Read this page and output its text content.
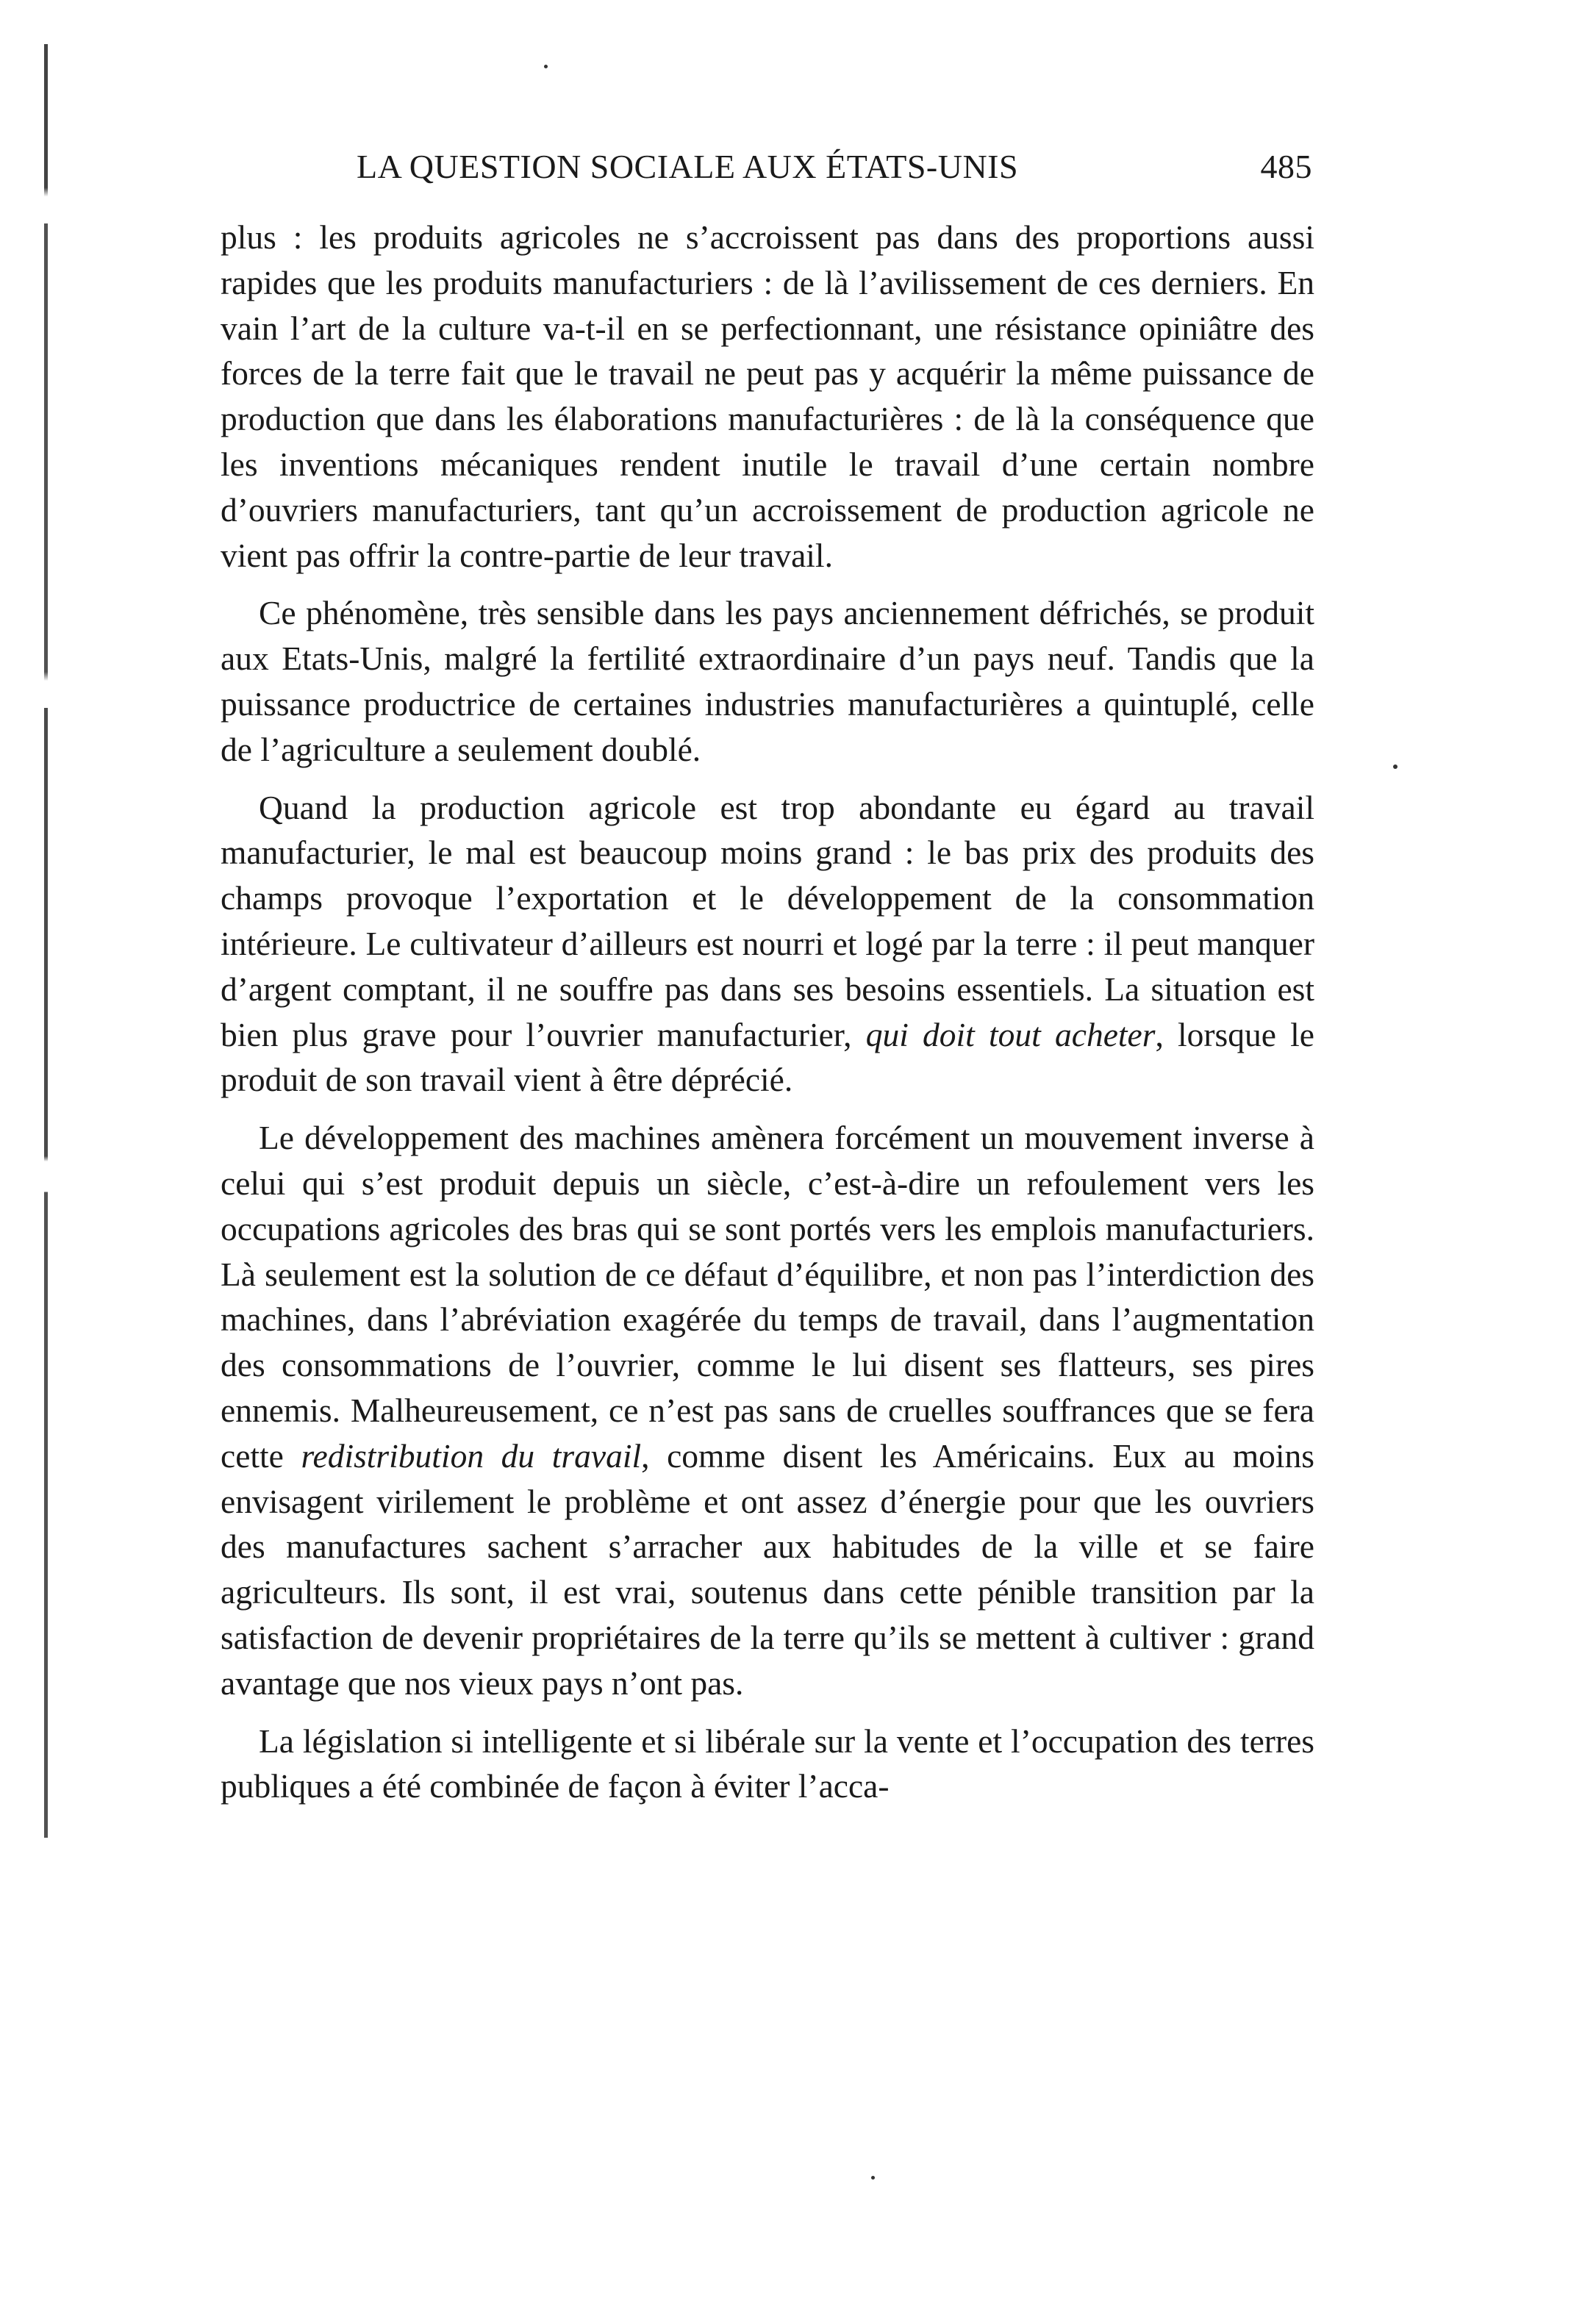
LA QUESTION SOCIALE AUX ÉTATS-UNIS	485

plus : les produits agricoles ne s’accroissent pas dans des proportions aussi rapides que les produits manufacturiers : de là l’avilissement de ces derniers. En vain l’art de la culture va-t-il en se perfectionnant, une résistance opiniâtre des forces de la terre fait que le travail ne peut pas y acquérir la même puissance de production que dans les élaborations manufacturières : de là la conséquence que les inventions mécaniques rendent inutile le travail d’une certain nombre d’ouvriers manufacturiers, tant qu’un accroissement de production agricole ne vient pas offrir la contre-partie de leur travail.

Ce phénomène, très sensible dans les pays anciennement défrichés, se produit aux Etats-Unis, malgré la fertilité extraordinaire d’un pays neuf. Tandis que la puissance productrice de certaines industries manufacturières a quintuplé, celle de l’agriculture a seulement doublé.

Quand la production agricole est trop abondante eu égard au travail manufacturier, le mal est beaucoup moins grand : le bas prix des produits des champs provoque l’exportation et le développement de la consommation intérieure. Le cultivateur d’ailleurs est nourri et logé par la terre : il peut manquer d’argent comptant, il ne souffre pas dans ses besoins essentiels. La situation est bien plus grave pour l’ouvrier manufacturier, qui doit tout acheter, lorsque le produit de son travail vient à être déprécié.

Le développement des machines amènera forcément un mouvement inverse à celui qui s’est produit depuis un siècle, c’est-à-dire un refoulement vers les occupations agricoles des bras qui se sont portés vers les emplois manufacturiers. Là seulement est la solution de ce défaut d’équilibre, et non pas l’interdiction des machines, dans l’abréviation exagérée du temps de travail, dans l’augmentation des consommations de l’ouvrier, comme le lui disent ses flatteurs, ses pires ennemis. Malheureusement, ce n’est pas sans de cruelles souffrances que se fera cette redistribution du travail, comme disent les Américains. Eux au moins envisagent virilement le problème et ont assez d’énergie pour que les ouvriers des manufactures sachent s’arracher aux habitudes de la ville et se faire agriculteurs. Ils sont, il est vrai, soutenus dans cette pénible transition par la satisfaction de devenir propriétaires de la terre qu’ils se mettent à cultiver : grand avantage que nos vieux pays n’ont pas.

La législation si intelligente et si libérale sur la vente et l’occupation des terres publiques a été combinée de façon à éviter l’acca-
